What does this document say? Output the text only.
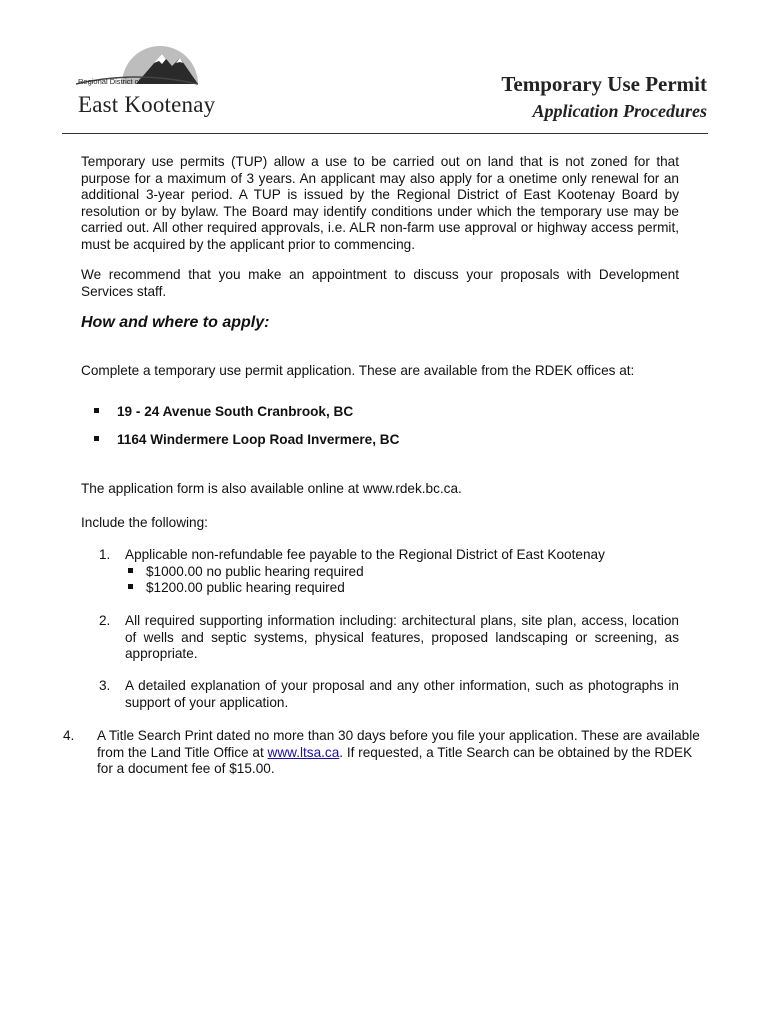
Regional District of
East Kootenay
Temporary Use Permit
Application Procedures
Temporary use permits (TUP) allow a use to be carried out on land that is not zoned for that purpose for a maximum of 3 years. An applicant may also apply for a onetime only renewal for an additional 3-year period. A TUP is issued by the Regional District of East Kootenay Board by resolution or by bylaw. The Board may identify conditions under which the temporary use may be carried out. All other required approvals, i.e. ALR non-farm use approval or highway access permit, must be acquired by the applicant prior to commencing.
We recommend that you make an appointment to discuss your proposals with Development Services staff.
How and where to apply:
Complete a temporary use permit application. These are available from the RDEK offices at:
19 - 24 Avenue South Cranbrook, BC
1164 Windermere Loop Road Invermere, BC
The application form is also available online at www.rdek.bc.ca.
Include the following:
1. Applicable non-refundable fee payable to the Regional District of East Kootenay
$1000.00 no public hearing required
$1200.00 public hearing required
2. All required supporting information including: architectural plans, site plan, access, location of wells and septic systems, physical features, proposed landscaping or screening, as appropriate.
3. A detailed explanation of your proposal and any other information, such as photographs in support of your application.
4. A Title Search Print dated no more than 30 days before you file your application. These are available from the Land Title Office at www.ltsa.ca. If requested, a Title Search can be obtained by the RDEK for a document fee of $15.00.
